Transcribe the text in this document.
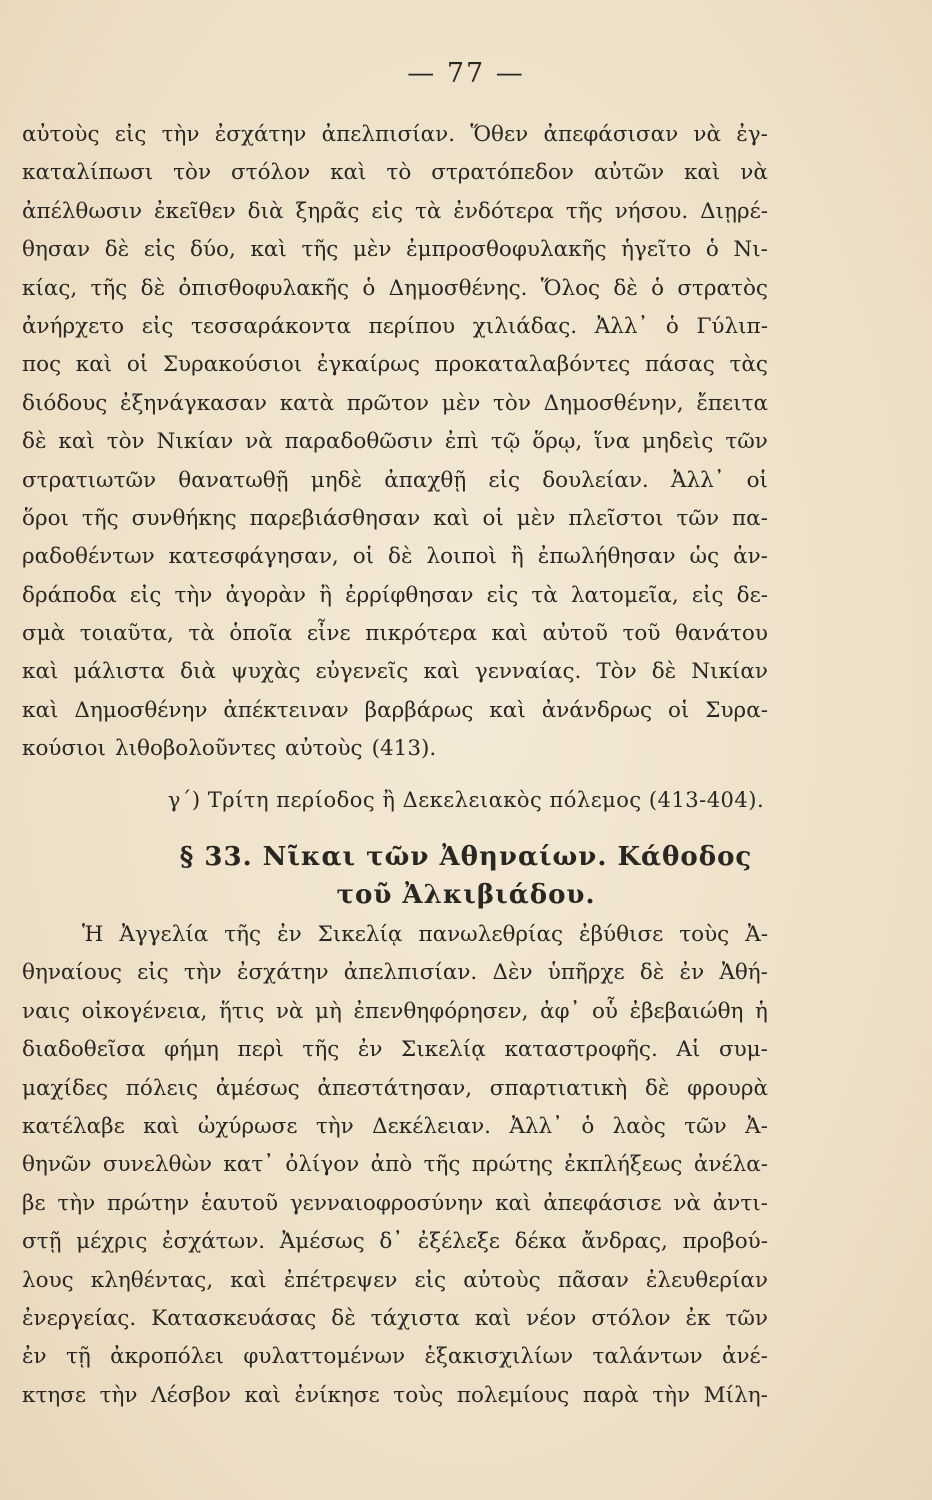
— 77 —
αὐτοὺς εἰς τὴν ἐσχάτην ἀπελπισίαν. Ὅθεν ἀπεφάσισαν νὰ ἐγ-
καταλίπωσι τὸν στόλον καὶ τὸ στρατόπεδον αὐτῶν καὶ νὰ
ἀπέλθωσιν ἐκεῖθεν διὰ ξηρᾶς εἰς τὰ ἐνδότερα τῆς νήσου. Διῃρέ-
θησαν δὲ εἰς δύο, καὶ τῆς μὲν ἐμπροσθοφυλακῆς ἡγεῖτο ὁ Νι-
κίας, τῆς δὲ ὀπισθοφυλακῆς ὁ Δημοσθένης. Ὅλος δὲ ὁ στρατὸς
ἀνήρχετο εἰς τεσσαράκοντα περίπου χιλιάδας. Ἀλλ᾽ ὁ Γύλιπ-
πος καὶ οἱ Συρακούσιοι ἐγκαίρως προκαταλαβόντες πάσας τὰς
διόδους ἐξηνάγκασαν κατὰ πρῶτον μὲν τὸν Δημοσθένην, ἔπειτα
δὲ καὶ τὸν Νικίαν νὰ παραδοθῶσιν ἐπὶ τῷ ὅρῳ, ἵνα μηδεὶς τῶν
στρατιωτῶν θανατωθῇ μηδὲ ἀπαχθῇ εἰς δουλείαν. Ἀλλ᾽ οἱ
ὅροι τῆς συνθήκης παρεβιάσθησαν καὶ οἱ μὲν πλεῖστοι τῶν πα-
ραδοθέντων κατεσφάγησαν, οἱ δὲ λοιποὶ ἢ ἐπωλήθησαν ὡς ἀν-
δράποδα εἰς τὴν ἀγορὰν ἢ ἐρρίφθησαν εἰς τὰ λατομεῖα, εἰς δε-
σμὰ τοιαῦτα, τὰ ὁποῖα εἶνε πικρότερα καὶ αὐτοῦ τοῦ θανάτου
καὶ μάλιστα διὰ ψυχὰς εὐγενεῖς καὶ γενναίας. Τὸν δὲ Νικίαν
καὶ Δημοσθένην ἀπέκτειναν βαρβάρως καὶ ἀνάνδρως οἱ Συρα-
κούσιοι λιθοβολοῦντες αὐτοὺς (413).
γ΄) Τρίτη περίοδος ἢ Δεκελειακὸς πόλεμος (413-404).
§ 33. Νῖκαι τῶν Ἀθηναίων. Κάθοδος
τοῦ Ἀλκιβιάδου.
Ἡ Ἀγγελία τῆς ἐν Σικελίᾳ πανωλεθρίας ἐβύθισε τοὺς Ἀ-
θηναίους εἰς τὴν ἐσχάτην ἀπελπισίαν. Δὲν ὑπῆρχε δὲ ἐν Ἀθή-
ναις οἰκογένεια, ἥτις νὰ μὴ ἐπενθηφόρησεν, ἀφ᾽ οὗ ἐβεβαιώθη ἡ
διαδοθεῖσα φήμη περὶ τῆς ἐν Σικελίᾳ καταστροφῆς. Αἱ συμ-
μαχίδες πόλεις ἀμέσως ἀπεστάτησαν, σπαρτιατικὴ δὲ φρουρὰ
κατέλαβε καὶ ὠχύρωσε τὴν Δεκέλειαν. Ἀλλ᾽ ὁ λαὸς τῶν Ἀ-
θηνῶν συνελθὼν κατ᾽ ὀλίγον ἀπὸ τῆς πρώτης ἐκπλήξεως ἀνέλα-
βε τὴν πρώτην ἑαυτοῦ γενναιοφροσύνην καὶ ἀπεφάσισε νὰ ἀντι-
στῇ μέχρις ἐσχάτων. Ἀμέσως δ᾽ ἐξέλεξε δέκα ἄνδρας, προβού-
λους κληθέντας, καὶ ἐπέτρεψεν εἰς αὐτοὺς πᾶσαν ἐλευθερίαν
ἐνεργείας. Κατασκευάσας δὲ τάχιστα καὶ νέον στόλον ἐκ τῶν
ἐν τῇ ἀκροπόλει φυλαττομένων ἑξακισχιλίων ταλάντων ἀνέ-
κτησε τὴν Λέσβον καὶ ἐνίκησε τοὺς πολεμίους παρὰ τὴν Μίλη-
